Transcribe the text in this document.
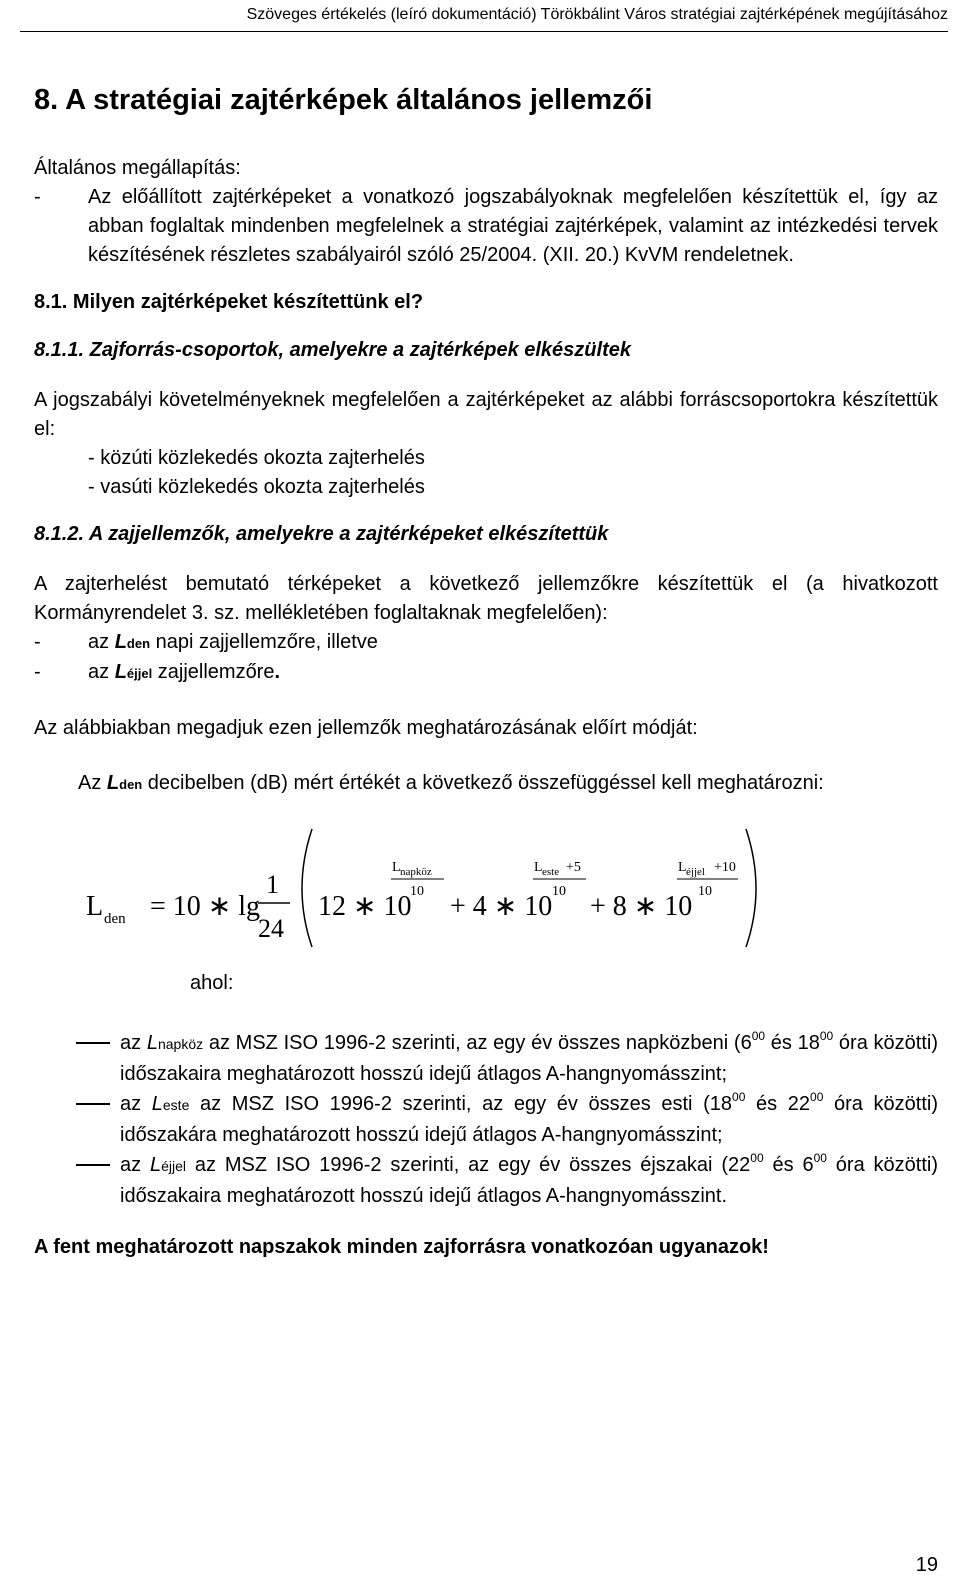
Szöveges értékelés (leíró dokumentáció) Törökbálint Város stratégiai zajtérképének megújításához
8. A stratégiai zajtérképek általános jellemzői

Általános megállapítás:

- Az előállított zajtérképeket a vonatkozó jogszabályoknak megfelelően készítettük el, így az abban foglaltak mindenben megfelelnek a stratégiai zajtérképek, valamint az intézkedési tervek készítésének részletes szabályairól szóló 25/2004. (XII. 20.) KvVM rendeletnek.
8.1. Milyen zajtérképeket készítettünk el?
8.1.1. Zajforrás-csoportok, amelyekre a zajtérképek elkészültek

A jogszabályi követelményeknek megfelelően a zajtérképeket az alábbi forráscsoportokra készítettük el:

- közúti közlekedés okozta zajterhelés
- vasúti közlekedés okozta zajterhelés
8.1.2. A zajjellemzők, amelyekre a zajtérképeket elkészítettük

A zajterhelést bemutató térképeket a következő jellemzőkre készítettük el (a hivatkozott Kormányrendelet 3. sz. mellékletében foglaltaknak megfelelően):

- az Lden napi zajjellemzőre, illetve
- az Léjjel zajjellemzőre.

Az alábbiakban megadjuk ezen jellemzők meghatározásának előírt módját:

Az Lden decibelben (dB) mért értékét a következő összefüggéssel kell meghatározni:

L den = 10 ∗ lg
1
24
12 ∗ 10
L napköz
10 + 4 ∗ 10
L este +5
10 + 8 ∗ 10
L éjjel +10
10

ahol:

az Lnapköz az MSZ ISO 1996-2 szerinti, az egy év összes napközbeni ($6^{00}$ és $18^{00}$ óra közötti) időszakaira meghatározott hosszú idejű átlagos A-hangnyomásszint;
az Leste az MSZ ISO 1996-2 szerinti, az egy év összes esti ($18^{00}$ és $22^{00}$ óra közötti) időszakára meghatározott hosszú idejű átlagos A-hangnyomásszint;
az Léjjel az MSZ ISO 1996-2 szerinti, az egy év összes éjszakai ($22^{00}$ és $6^{00}$ óra közötti) időszakaira meghatározott hosszú idejű átlagos A-hangnyomásszint.

A fent meghatározott napszakok minden zajforrásra vonatkozóan ugyanazok!

19
